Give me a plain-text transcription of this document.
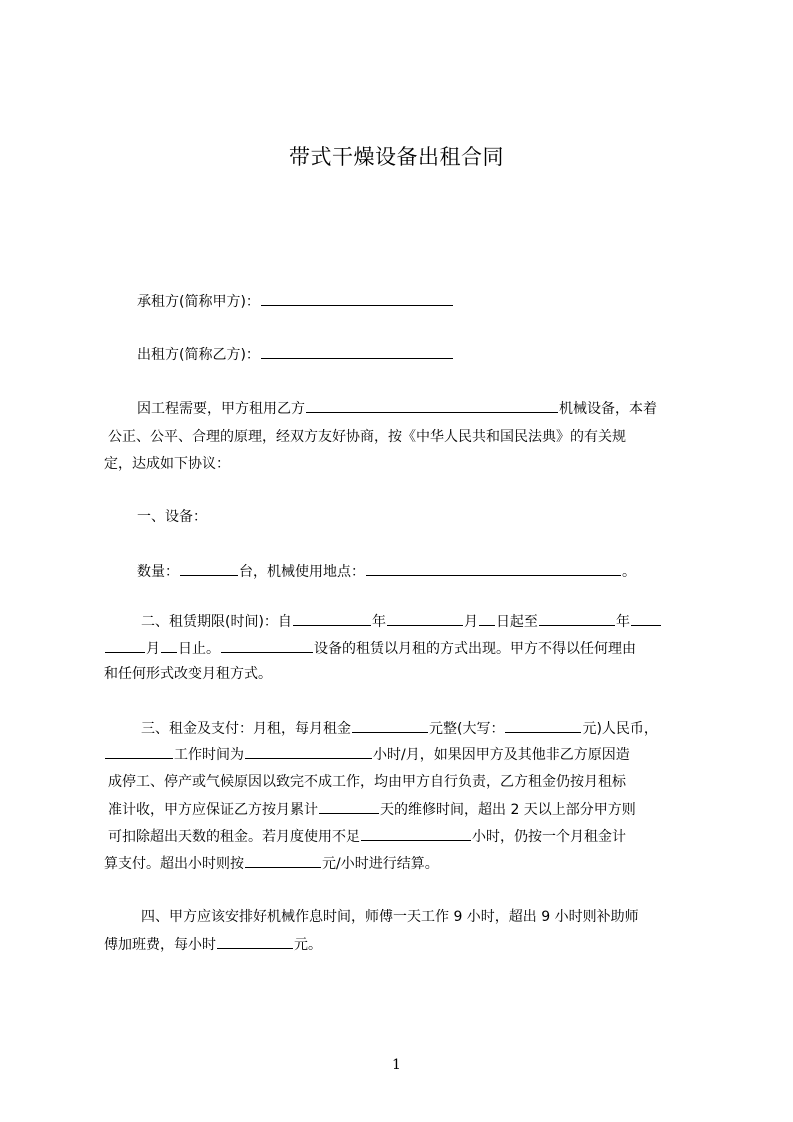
带式干燥设备出租合同
承租方(简称甲方)：
出租方(简称乙方)：
因工程需要，甲方租用乙方	机械设备，本着
公正、公平、合理的原理，经双方友好协商，按《中华人民共和国民法典》的有关规
定，达成如下协议：
一、设备：
数量：	台，机械使用地点：	。
二、租赁期限(时间)：自	年	月 日起至	年
月 日止。	设备的租赁以月租的方式出现。甲方不得以任何理由
和任何形式改变月租方式。
三、租金及支付：月租，每月租金	元整(大写：	元)人民币，
工作时间为	小时/月，如果因甲方及其他非乙方原因造
成停工、停产或气候原因以致完不成工作，均由甲方自行负责，乙方租金仍按月租标
准计收，甲方应保证乙方按月累计	天的维修时间，超出 2 天以上部分甲方则
可扣除超出天数的租金。若月度使用不足	小时，仍按一个月租金计
算支付。超出小时则按	元/小时进行结算。
四、甲方应该安排好机械作息时间，师傅一天工作 9 小时，超出 9 小时则补助师
傅加班费，每小时	元。
1
